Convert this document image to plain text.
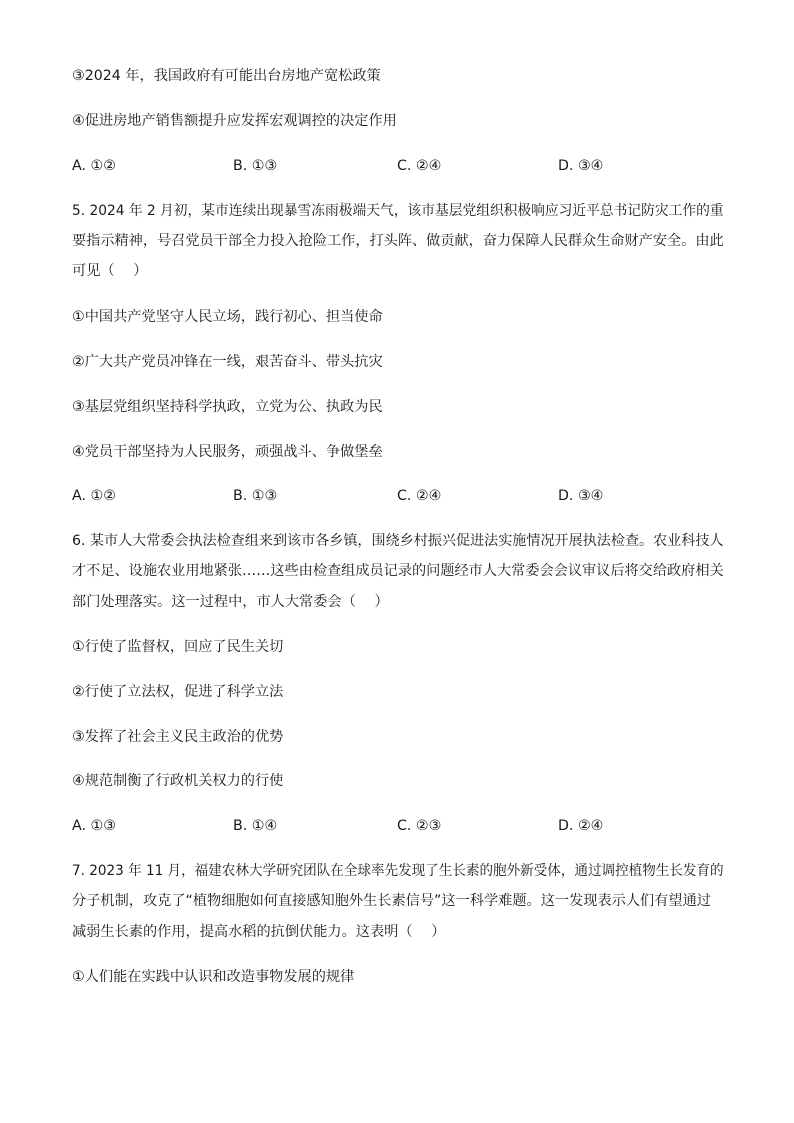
③2024 年，我国政府有可能出台房地产宽松政策
④促进房地产销售额提升应发挥宏观调控的决定作用
A. ①②	B. ①③	C. ②④	D. ③④
5. 2024 年 2 月初，某市连续出现暴雪冻雨极端天气，该市基层党组织积极响应习近平总书记防灾工作的重
要指示精神，号召党员干部全力投入抢险工作，打头阵、做贡献，奋力保障人民群众生命财产安全。由此
可见（　 ）
①中国共产党坚守人民立场，践行初心、担当使命
②广大共产党员冲锋在一线，艰苦奋斗、带头抗灾
③基层党组织坚持科学执政，立党为公、执政为民
④党员干部坚持为人民服务，顽强战斗、争做堡垒
A. ①②	B. ①③	C. ②④	D. ③④
6. 某市人大常委会执法检查组来到该市各乡镇，围绕乡村振兴促进法实施情况开展执法检查。农业科技人
才不足、设施农业用地紧张……这些由检查组成员记录的问题经市人大常委会会议审议后将交给政府相关
部门处理落实。这一过程中，市人大常委会（　 ）
①行使了监督权，回应了民生关切
②行使了立法权，促进了科学立法
③发挥了社会主义民主政治的优势
④规范制衡了行政机关权力的行使
A. ①③	B. ①④	C. ②③	D. ②④
7. 2023 年 11 月，福建农林大学研究团队在全球率先发现了生长素的胞外新受体，通过调控植物生长发育的
分子机制，攻克了“植物细胞如何直接感知胞外生长素信号”这一科学难题。这一发现表示人们有望通过
减弱生长素的作用，提高水稻的抗倒伏能力。这表明（　 ）
①人们能在实践中认识和改造事物发展的规律
